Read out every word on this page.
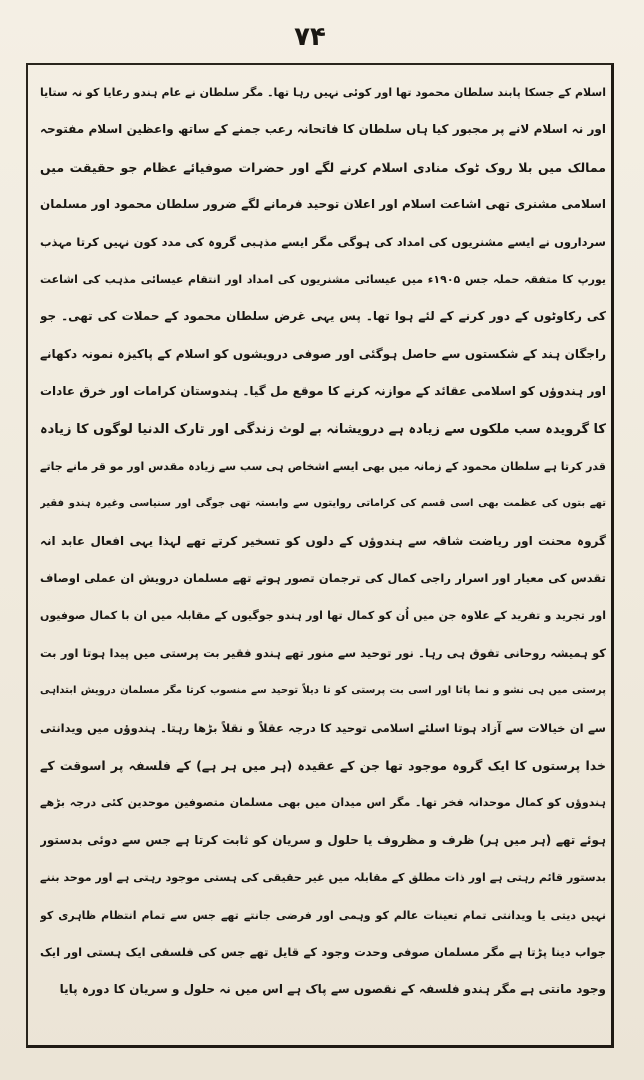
۷۴
اسلام کے جسکا پابند سلطان محمود تھا اور کوئی نہیں رہا تھا۔ مگر سلطان نے عام ہندو رعایا کو نہ ستایا
اور نہ اسلام لانے پر مجبور کیا ہاں سلطان کا فاتحانہ رعب جمنے کے ساتھ واعظین اسلام مفتوحہ
ممالک میں بلا روک ٹوک منادی اسلام کرنے لگے اور حضرات صوفیائے عظام جو حقیقت میں
اسلامی مشنری تھی اشاعت اسلام اور اعلان توحید فرمانے لگے ضرور سلطان محمود اور مسلمان
سرداروں نے ایسے مشنریوں کی امداد کی ہوگی مگر ایسے مذہبی گروہ کی مدد کون نہیں کرتا مہذب
یورپ کا متفقہ حملہ جس ۱۹۰۵ء میں عیسائی مشنریوں کی امداد اور انتقام عیسائی مذہب کی اشاعت
کی رکاوٹوں کے دور کرنے کے لئے ہوا تھا۔ پس یہی غرض سلطان محمود کے حملات کی تھی۔ جو
راجگان ہند کے شکستوں سے حاصل ہوگئی اور صوفی درویشوں کو اسلام کے پاکیزہ نمونہ دکھانے
اور ہندوؤں کو اسلامی عقائد کے موازنہ کرنے کا موقع مل گیا۔ ہندوستان کرامات اور خرق عادات
کا گرویدہ سب ملکوں سے زیادہ ہے درویشانہ بے لوث زندگی اور تارک الدنیا لوگوں کا زیادہ
قدر کرتا ہے سلطان محمود کے زمانہ میں بھی ایسے اشخاص ہی سب سے زیادہ مقدس اور مو قر مانے جاتے
تھے بتوں کی عظمت بھی اسی قسم کی کراماتی روایتوں سے وابستہ تھی جوگی اور سنیاسی وغیرہ ہندو فقیر
گروہ محنت اور ریاضت شاقہ سے ہندوؤں کے دلوں کو تسخیر کرتے تھے لہذا یہی افعال عابد انہ
تقدس کی معیار اور اسرار راجی کمال کی ترجمان تصور ہوتے تھے مسلمان درویش ان عملی اوصاف
اور تجرید و تفرید کے علاوہ جن میں اُن کو کمال تھا اور ہندو جوگیوں کے مقابلہ میں ان با کمال صوفیوں
کو ہمیشہ روحانی تفوق ہی رہا۔ نور توحید سے منور تھے ہندو فقیر بت پرستی میں پیدا ہوتا اور بت
پرستی میں ہی نشو و نما پاتا اور اسی بت پرستی کو تا دیلاً توحید سے منسوب کرتا مگر مسلمان درویش ابتداہی
سے ان خیالات سے آزاد ہوتا اسلئے اسلامی توحید کا درجہ عقلاً و نقلاً بڑھا رہتا۔ ہندوؤں میں ویدانتی
خدا پرستوں کا ایک گروہ موجود تھا جن کے عقیدہ (ہر میں ہر ہے) کے فلسفہ پر اسوقت کے
ہندوؤں کو کمال موحدانہ فخر تھا۔ مگر اس میدان میں بھی مسلمان متصوفین موحدین کئی درجہ بڑھے
ہوئے تھے (ہر میں ہر) ظرف و مظروف یا حلول و سریان کو ثابت کرتا ہے جس سے دوئی بدستور
بدستور قائم رہتی ہے اور ذات مطلق کے مقابلہ میں غیر حقیقی کی ہستی موجود رہتی ہے اور موحد بننے
نہیں دیتی یا ویدانتی تمام تعینات عالم کو وہمی اور فرضی جانتے تھے جس سے تمام انتظام ظاہری کو
جواب دینا پڑتا ہے مگر مسلمان صوفی وحدت وجود کے قایل تھے جس کی فلسفی ایک ہستی اور ایک
وجود مانتی ہے مگر ہندو فلسفہ کے نقصوں سے پاک ہے اس میں نہ حلول و سریان کا دورہ پایا
